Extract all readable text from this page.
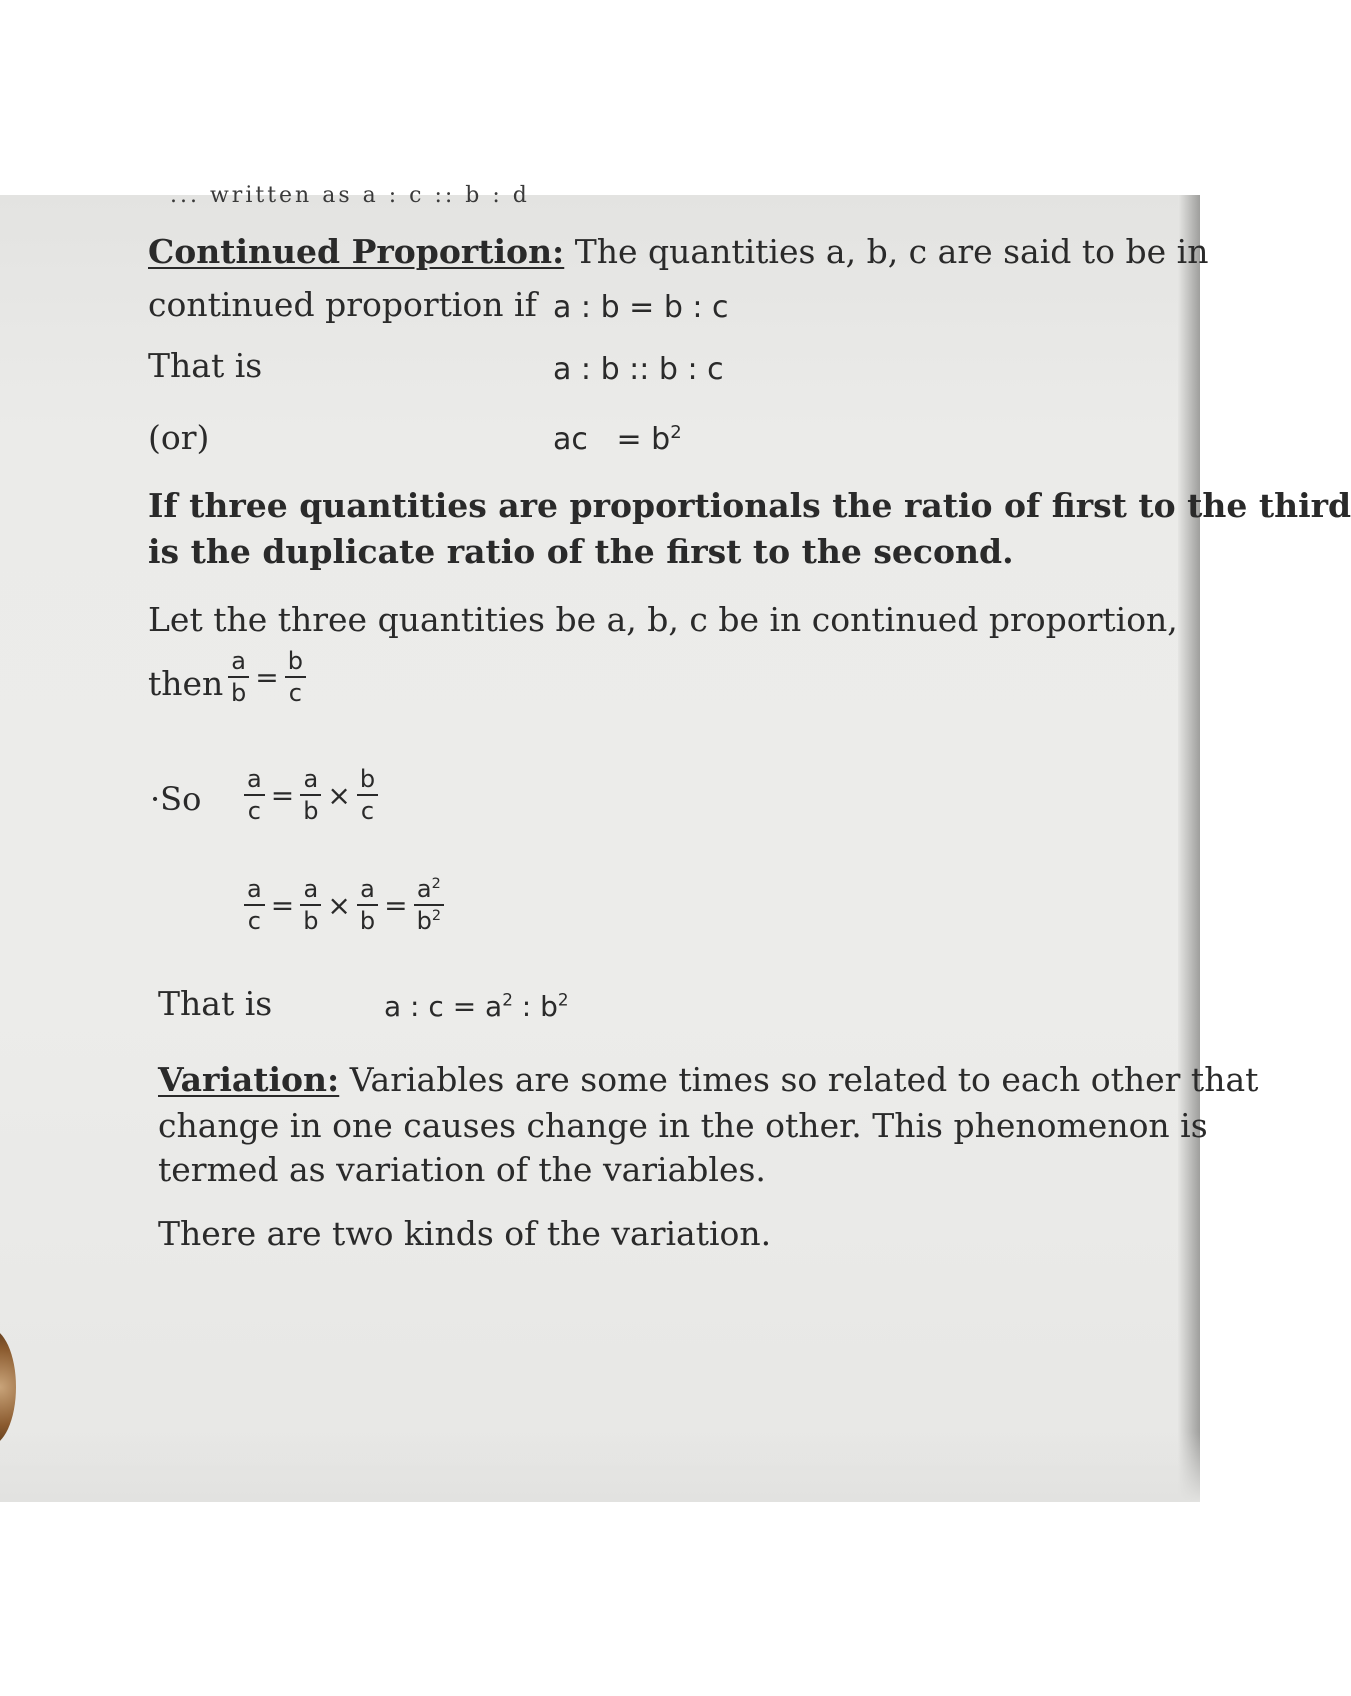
... written as a : c :: b : d
Continued Proportion: The quantities a, b, c are said to be in
continued proportion if a : b = b : c
That is	a : b :: b : c
(or)	ac = $b^2$
If three quantities are proportionals the ratio of first to the third
is the duplicate ratio of the first to the second.
Let the three quantities be a, b, c be in continued proportion,
then $\frac{a}{b} = \frac{b}{c}$
$\cdot So \frac{a}{c} = \frac{a}{b} \times \frac{b}{c}$
$\frac{a}{c} = \frac{a}{b} \times \frac{a}{b} = \frac{a^2}{b^2}$
That is	a : $c = a^2$ : $b^2$
Variation: Variables are some times so related to each other that
change in one causes change in the other. This phenomenon is
termed as variation of the variables.
There are two kinds of the variation.
